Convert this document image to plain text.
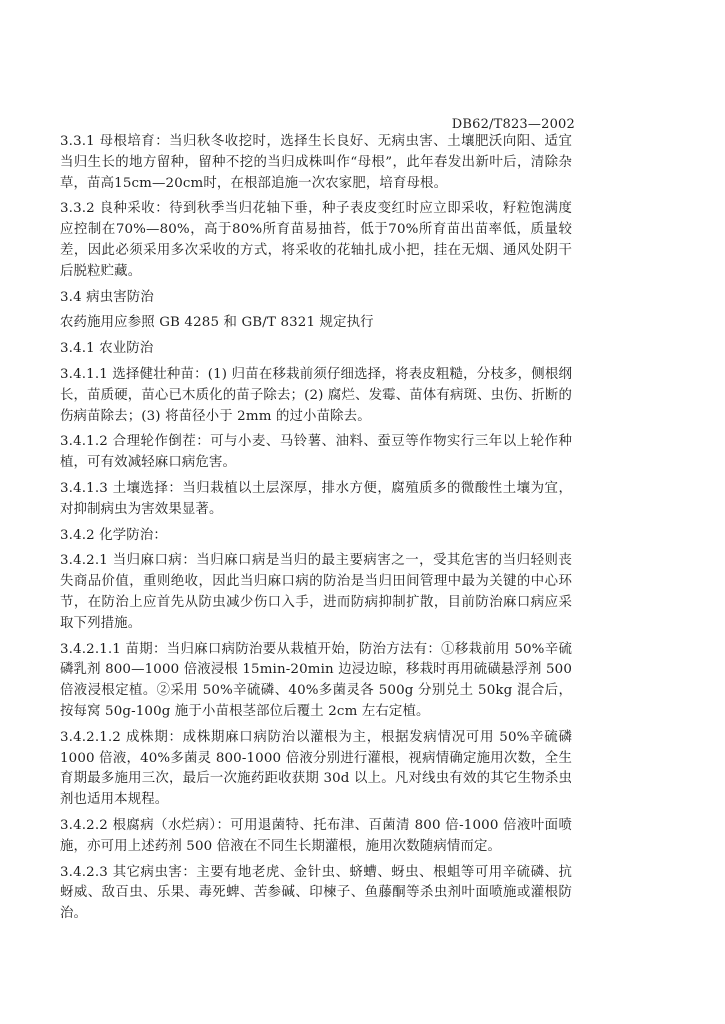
DB62/T823—2002

3.3.1 母根培育：当归秋冬收挖时，选择生长良好、无病虫害、土壤肥沃向阳、适宜当归生长的地方留种，留种不挖的当归成株叫作“母根”，此年春发出新叶后，清除杂草，苗高15cm—20cm时，在根部追施一次农家肥，培育母根。

3.3.2 良种采收：待到秋季当归花轴下垂，种子表皮变红时应立即采收，籽粒饱满度应控制在70%—80%，高于80%所育苗易抽苔，低于70%所育苗出苗率低，质量较差，因此必须采用多次采收的方式，将采收的花轴扎成小把，挂在无烟、通风处阴干后脱粒贮藏。

3.4 病虫害防治

农药施用应参照 GB 4285 和 GB/T 8321 规定执行

3.4.1 农业防治

3.4.1.1 选择健壮种苗：(1) 归苗在移栽前须仔细选择，将表皮粗糙，分枝多，侧根纲长，苗质硬，苗心已木质化的苗子除去；(2) 腐烂、发霉、苗体有病斑、虫伤、折断的伤病苗除去；(3) 将苗径小于 2mm 的过小苗除去。

3.4.1.2 合理轮作倒茬：可与小麦、马铃薯、油料、蚕豆等作物实行三年以上轮作种植，可有效减轻麻口病危害。

3.4.1.3 土壤选择：当归栽植以土层深厚，排水方便，腐殖质多的微酸性土壤为宜，对抑制病虫为害效果显著。

3.4.2 化学防治：

3.4.2.1 当归麻口病：当归麻口病是当归的最主要病害之一，受其危害的当归轻则丧失商品价值，重则绝收，因此当归麻口病的防治是当归田间管理中最为关键的中心环节，在防治上应首先从防虫减少伤口入手，进而防病抑制扩散，目前防治麻口病应采取下列措施。

3.4.2.1.1 苗期：当归麻口病防治要从栽植开始，防治方法有：①移栽前用 50%辛硫磷乳剂 800—1000 倍液浸根 15min-20min 边浸边晾，移栽时再用硫磺悬浮剂 500 倍液浸根定植。②采用 50%辛硫磷、40%多菌灵各 500g 分别兑土 50kg 混合后，按每窝 50g-100g 施于小苗根茎部位后覆土 2cm 左右定植。

3.4.2.1.2 成株期：成株期麻口病防治以灌根为主，根据发病情况可用 50%辛硫磷 1000 倍液，40%多菌灵 800-1000 倍液分别进行灌根，视病情确定施用次数，全生育期最多施用三次，最后一次施药距收获期 30d 以上。凡对线虫有效的其它生物杀虫剂也适用本规程。

3.4.2.2 根腐病（水烂病）：可用退菌特、托布津、百菌清 800 倍-1000 倍液叶面喷施，亦可用上述药剂 500 倍液在不同生长期灌根，施用次数随病情而定。

3.4.2.3 其它病虫害：主要有地老虎、金针虫、蛴螬、蚜虫、根蛆等可用辛硫磷、抗蚜威、敌百虫、乐果、毒死蜱、苦参碱、印楝子、鱼藤酮等杀虫剂叶面喷施或灌根防治。
